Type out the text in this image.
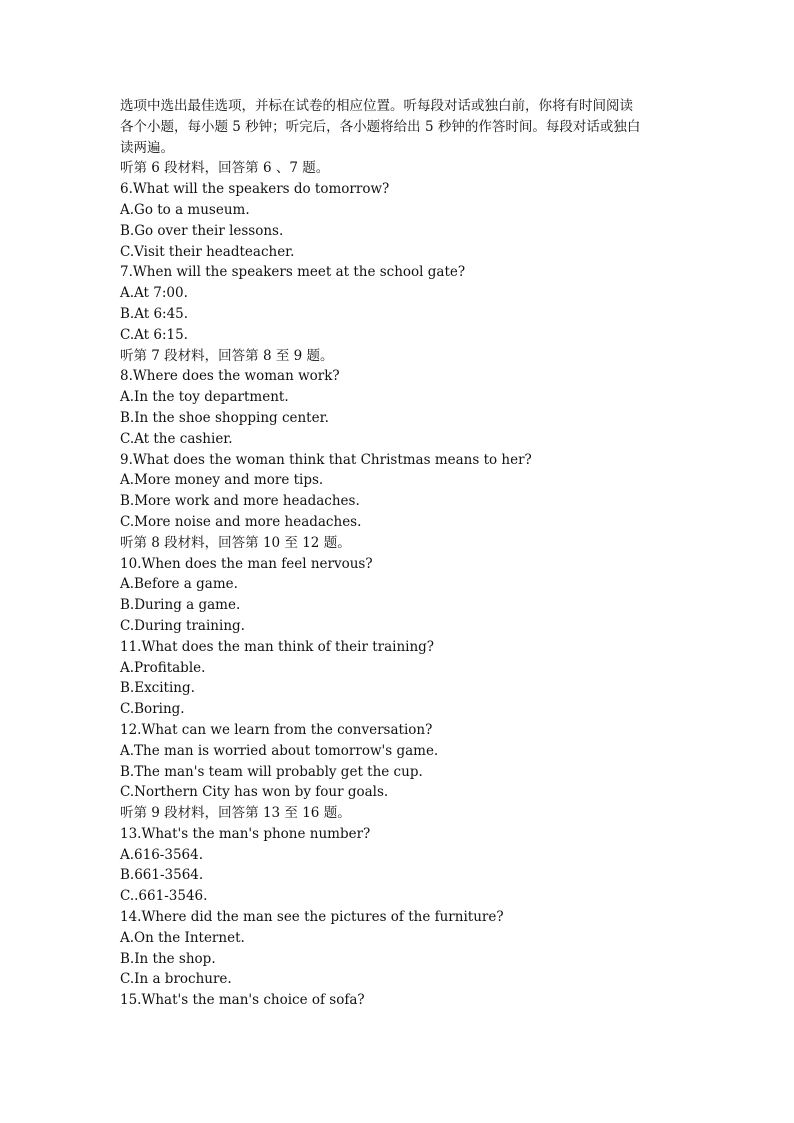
选项中选出最佳选项，并标在试卷的相应位置。听每段对话或独白前，你将有时间阅读
各个小题，每小题 5 秒钟；听完后，各小题将给出 5 秒钟的作答时间。每段对话或独白
读两遍。
听第 6 段材料，回答第 6 、7 题。
6.What will the speakers do tomorrow?
A.Go to a museum.
B.Go over their lessons.
C.Visit their headteacher.
7.When will the speakers meet at the school gate?
A.At 7:00.
B.At 6:45.
C.At 6:15.
听第 7 段材料，回答第 8 至 9 题。
8.Where does the woman work?
A.In the toy department.
B.In the shoe shopping center.
C.At the cashier.
9.What does the woman think that Christmas means to her?
A.More money and more tips.
B.More work and more headaches.
C.More noise and more headaches.
听第 8 段材料，回答第 10 至 12 题。
10.When does the man feel nervous?
A.Before a game.
B.During a game.
C.During training.
11.What does the man think of their training?
A.Profitable.
B.Exciting.
C.Boring.
12.What can we learn from the conversation?
A.The man is worried about tomorrow's game.
B.The man's team will probably get the cup.
C.Northern City has won by four goals.
听第 9 段材料，回答第 13 至 16 题。
13.What's the man's phone number?
A.616-3564.
B.661-3564.
C..661-3546.
14.Where did the man see the pictures of the furniture?
A.On the Internet.
B.In the shop.
C.In a brochure.
15.What's the man's choice of sofa?
